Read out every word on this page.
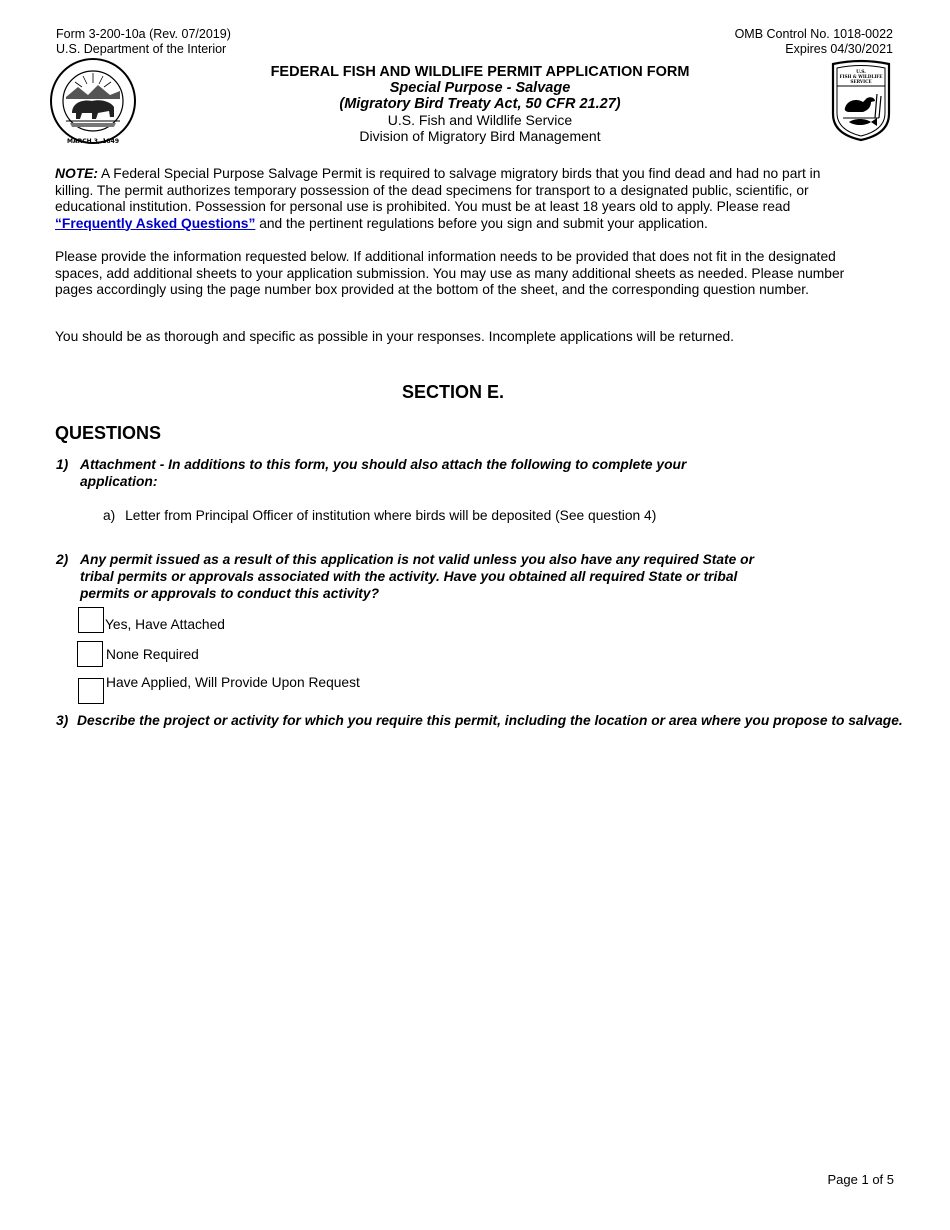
Form 3-200-10a (Rev. 07/2019)
U.S. Department of the Interior
OMB Control No. 1018-0022
Expires 04/30/2021
MARCH 3, 1849
U.S.
FISH & WILDLIFE
SERVICE
FEDERAL FISH AND WILDLIFE PERMIT APPLICATION FORM
Special Purpose - Salvage
(Migratory Bird Treaty Act, 50 CFR 21.27)
U.S. Fish and Wildlife Service
Division of Migratory Bird Management
NOTE: A Federal Special Purpose Salvage Permit is required to salvage migratory birds that you find dead and had no part in killing. The permit authorizes temporary possession of the dead specimens for transport to a designated public, scientific, or educational institution. Possession for personal use is prohibited. You must be at least 18 years old to apply. Please read “Frequently Asked Questions” and the pertinent regulations before you sign and submit your application.
Please provide the information requested below. If additional information needs to be provided that does not fit in the designated spaces, add additional sheets to your application submission. You may use as many additional sheets as needed. Please number pages accordingly using the page number box provided at the bottom of the sheet, and the corresponding question number.
You should be as thorough and specific as possible in your responses. Incomplete applications will be returned.
SECTION E.
QUESTIONS
1) Attachment - In additions to this form, you should also attach the following to complete your application:
a) Letter from Principal Officer of institution where birds will be deposited (See question 4)
2) Any permit issued as a result of this application is not valid unless you also have any required State or tribal permits or approvals associated with the activity. Have you obtained all required State or tribal permits or approvals to conduct this activity?
Yes, Have Attached
None Required
Have Applied, Will Provide Upon Request
3) Describe the project or activity for which you require this permit, including the location or area where you propose to salvage.
Page 1 of 5
